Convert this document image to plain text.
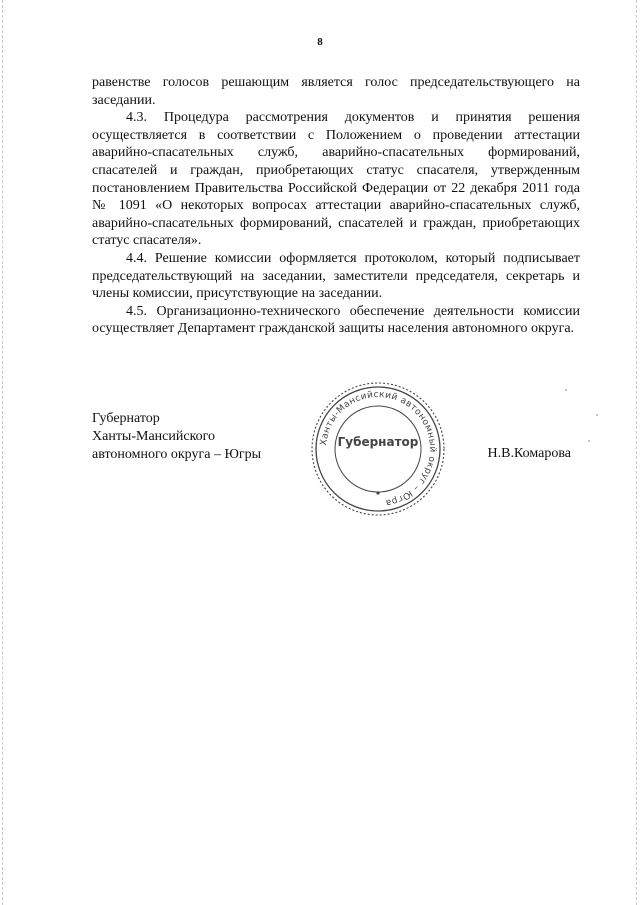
8

равенстве голосов решающим является голос председательствующего на заседании.

4.3. Процедура рассмотрения документов и принятия решения осуществляется в соответствии с Положением о проведении аттестации аварийно-спасательных служб, аварийно-спасательных формирований, спасателей и граждан, приобретающих статус спасателя, утвержденным постановлением Правительства Российской Федерации от 22 декабря 2011 года № 1091 «О некоторых вопросах аттестации аварийно-спасательных служб, аварийно-спасательных формирований, спасателей и граждан, приобретающих статус спасателя».

4.4. Решение комиссии оформляется протоколом, который подписывает председательствующий на заседании, заместители председателя, секретарь и члены комиссии, присутствующие на заседании.

4.5. Организационно-технического обеспечение деятельности комиссии осуществляет Департамент гражданской защиты населения автономного округа.

Губернатор
Ханты-Мансийского
автономного округа – Югры
Ханты-Мансийский автономный округ – Югра
Губернатор
Н.В.Комарова
